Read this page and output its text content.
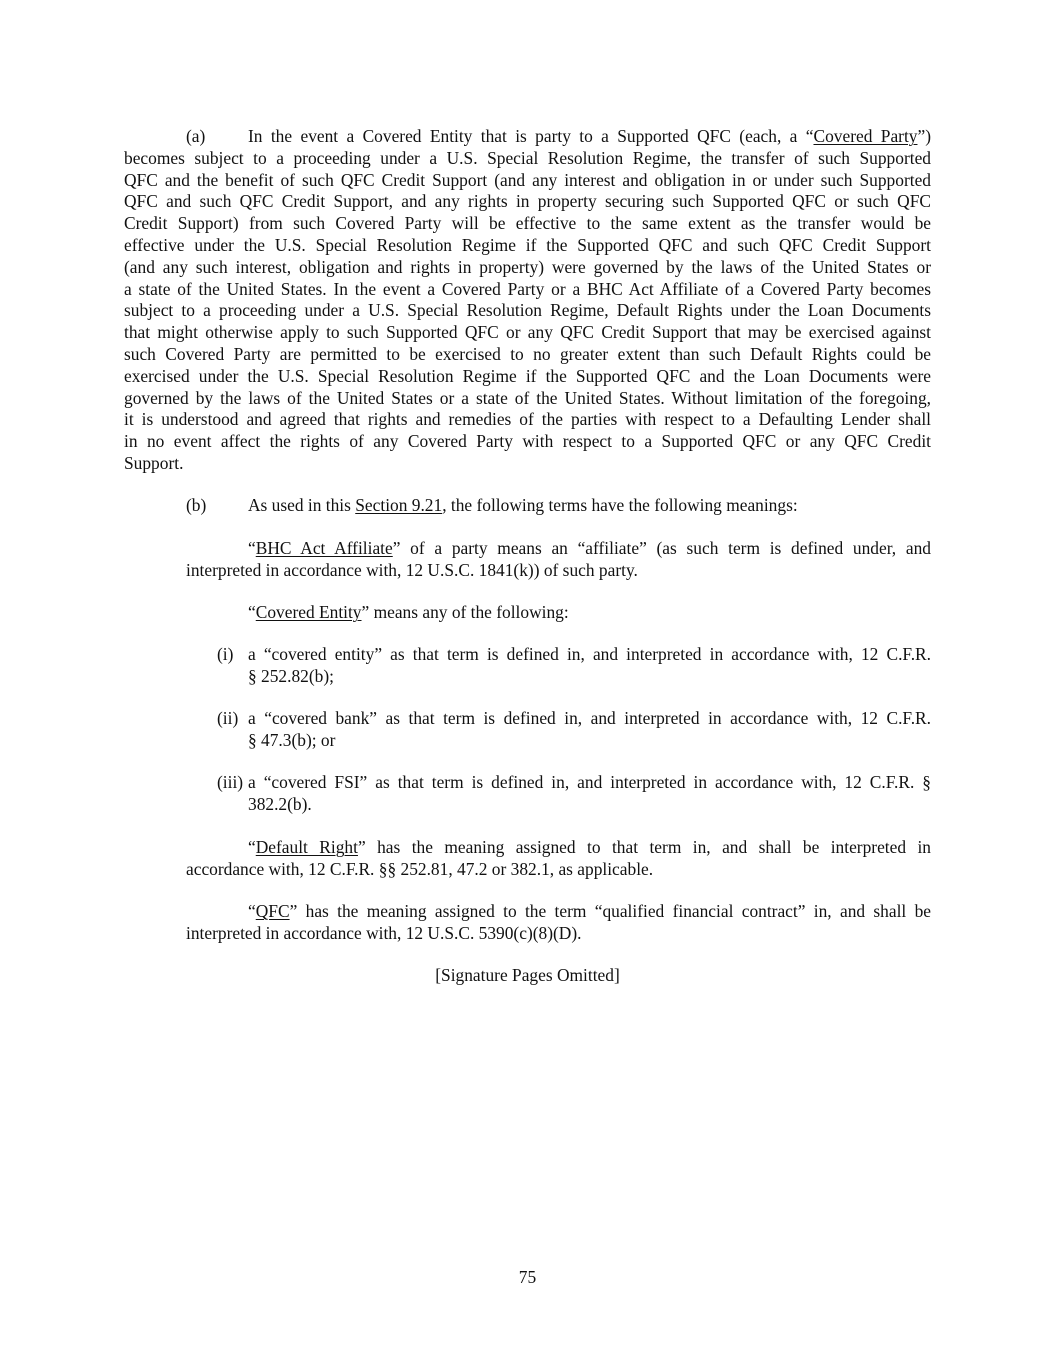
(a) In the event a Covered Entity that is party to a Supported QFC (each, a “Covered Party”)
becomes subject to a proceeding under a U.S. Special Resolution Regime, the transfer of such Supported
QFC and the benefit of such QFC Credit Support (and any interest and obligation in or under such Supported
QFC and such QFC Credit Support, and any rights in property securing such Supported QFC or such QFC
Credit Support) from such Covered Party will be effective to the same extent as the transfer would be
effective under the U.S. Special Resolution Regime if the Supported QFC and such QFC Credit Support
(and any such interest, obligation and rights in property) were governed by the laws of the United States or
a state of the United States. In the event a Covered Party or a BHC Act Affiliate of a Covered Party becomes
subject to a proceeding under a U.S. Special Resolution Regime, Default Rights under the Loan Documents
that might otherwise apply to such Supported QFC or any QFC Credit Support that may be exercised against
such Covered Party are permitted to be exercised to no greater extent than such Default Rights could be
exercised under the U.S. Special Resolution Regime if the Supported QFC and the Loan Documents were
governed by the laws of the United States or a state of the United States. Without limitation of the foregoing,
it is understood and agreed that rights and remedies of the parties with respect to a Defaulting Lender shall
in no event affect the rights of any Covered Party with respect to a Supported QFC or any QFC Credit
Support.
(b) As used in this Section 9.21, the following terms have the following meanings:
“BHC Act Affiliate” of a party means an “affiliate” (as such term is defined under, and
interpreted in accordance with, 12 U.S.C. 1841(k)) of such party.
“Covered Entity” means any of the following:
(i) a “covered entity” as that term is defined in, and interpreted in accordance with, 12 C.F.R.
§ 252.82(b);
(ii) a “covered bank” as that term is defined in, and interpreted in accordance with, 12 C.F.R.
§ 47.3(b); or
(iii) a “covered FSI” as that term is defined in, and interpreted in accordance with, 12 C.F.R. §
382.2(b).
“Default Right” has the meaning assigned to that term in, and shall be interpreted in
accordance with, 12 C.F.R. §§ 252.81, 47.2 or 382.1, as applicable.
“QFC” has the meaning assigned to the term “qualified financial contract” in, and shall be
interpreted in accordance with, 12 U.S.C. 5390(c)(8)(D).
[Signature Pages Omitted]
75
